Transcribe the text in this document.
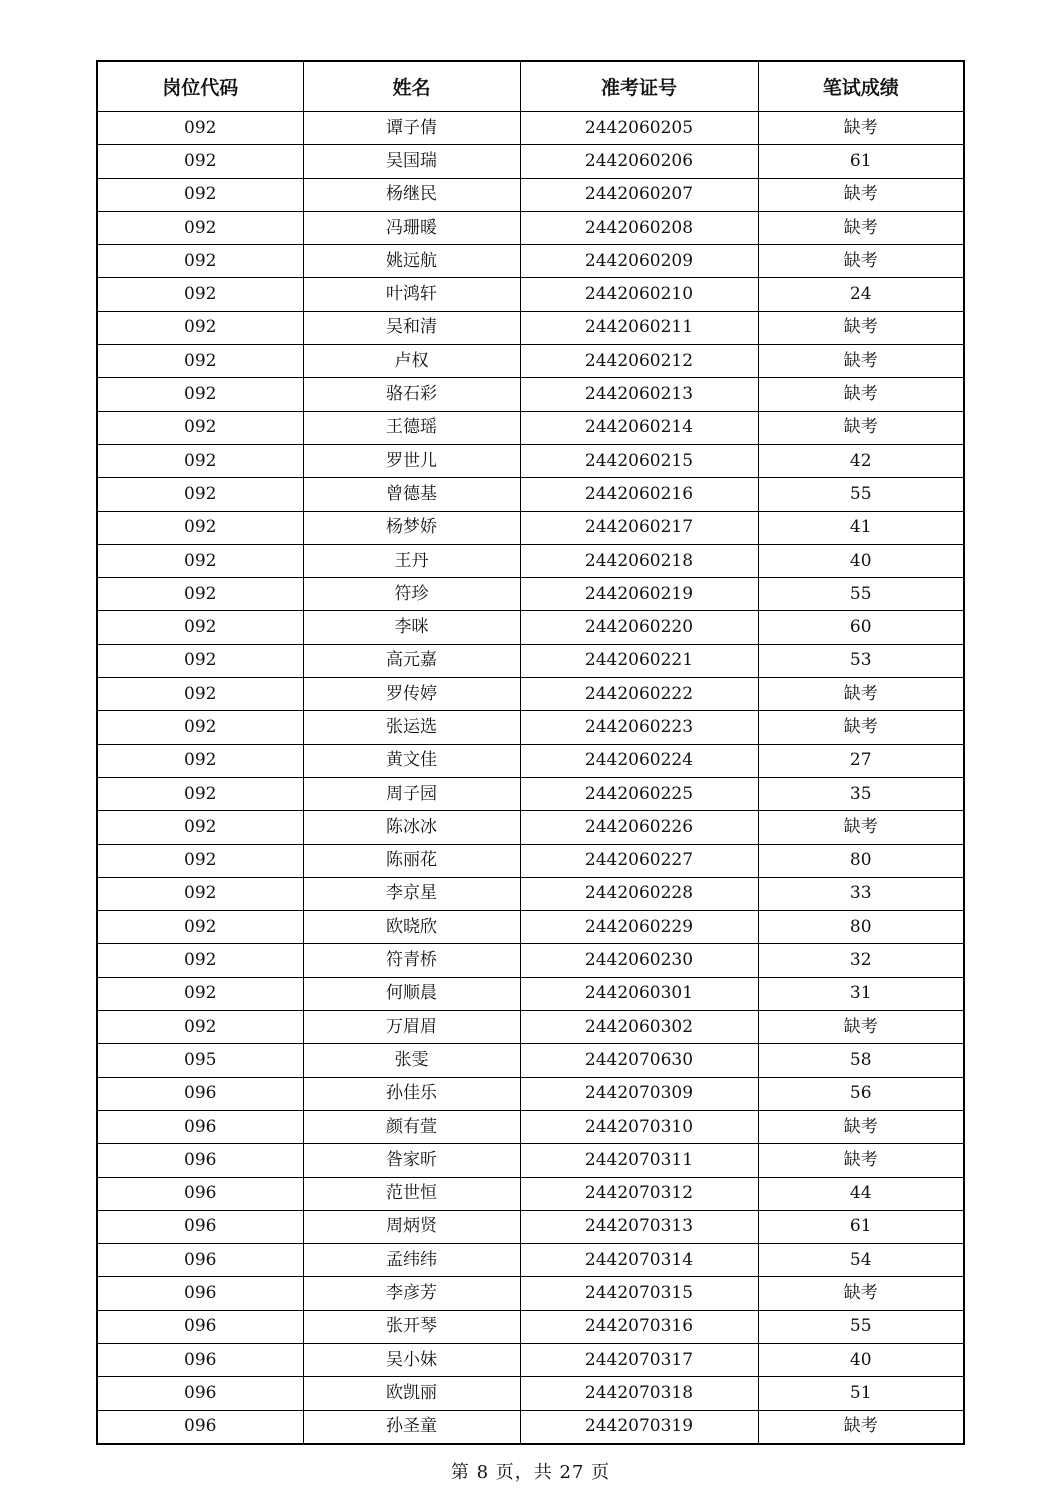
岗位代码	姓名	准考证号	笔试成绩
092	谭子倩	2442060205	缺考
092	吴国瑞	2442060206	61
092	杨继民	2442060207	缺考
092	冯珊暖	2442060208	缺考
092	姚远航	2442060209	缺考
092	叶鸿轩	2442060210	24
092	吴和清	2442060211	缺考
092	卢权	2442060212	缺考
092	骆石彩	2442060213	缺考
092	王德瑶	2442060214	缺考
092	罗世儿	2442060215	42
092	曾德基	2442060216	55
092	杨梦娇	2442060217	41
092	王丹	2442060218	40
092	符珍	2442060219	55
092	李咪	2442060220	60
092	高元嘉	2442060221	53
092	罗传婷	2442060222	缺考
092	张运选	2442060223	缺考
092	黄文佳	2442060224	27
092	周子园	2442060225	35
092	陈冰冰	2442060226	缺考
092	陈丽花	2442060227	80
092	李京星	2442060228	33
092	欧晓欣	2442060229	80
092	符青桥	2442060230	32
092	何顺晨	2442060301	31
092	万眉眉	2442060302	缺考
095	张雯	2442070630	58
096	孙佳乐	2442070309	56
096	颜有萱	2442070310	缺考
096	昝家昕	2442070311	缺考
096	范世恒	2442070312	44
096	周炳贤	2442070313	61
096	孟纬纬	2442070314	54
096	李彦芳	2442070315	缺考
096	张开琴	2442070316	55
096	吴小妹	2442070317	40
096	欧凯丽	2442070318	51
096	孙圣童	2442070319	缺考
第 8 页，共 27 页
